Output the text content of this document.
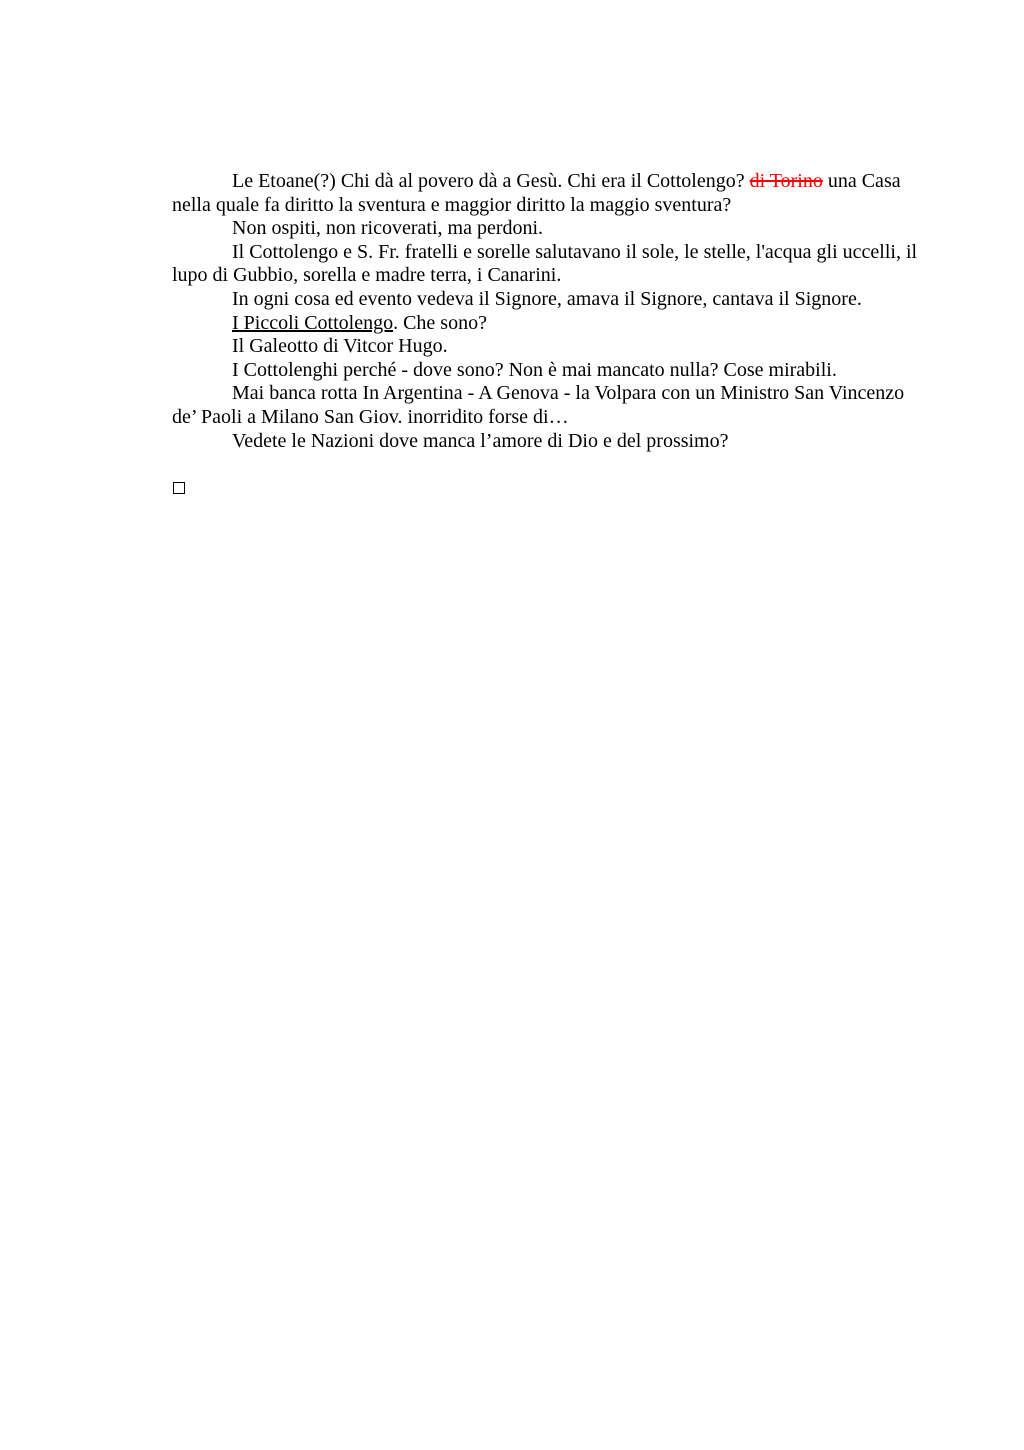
Le Etoane(?) Chi dà al povero dà a Gesù. Chi era il Cottolengo? di Torino una Casa nella quale fa diritto la sventura e maggior diritto la maggio sventura?

Non ospiti, non ricoverati, ma perdoni.

Il Cottolengo e S. Fr. fratelli e sorelle salutavano il sole, le stelle, l'acqua gli uccelli, il lupo di Gubbio, sorella e madre terra, i Canarini.

In ogni cosa ed evento vedeva il Signore, amava il Signore, cantava il Signore.

I Piccoli Cottolengo. Che sono?

Il Galeotto di Vitcor Hugo.

I Cottolenghi perché - dove sono? Non è mai mancato nulla? Cose mirabili.

Mai banca rotta In Argentina - A Genova - la Volpara con un Ministro San Vincenzo de’ Paoli a Milano San Giov. inorridito forse di…

Vedete le Nazioni dove manca l’amore di Dio e del prossimo?
